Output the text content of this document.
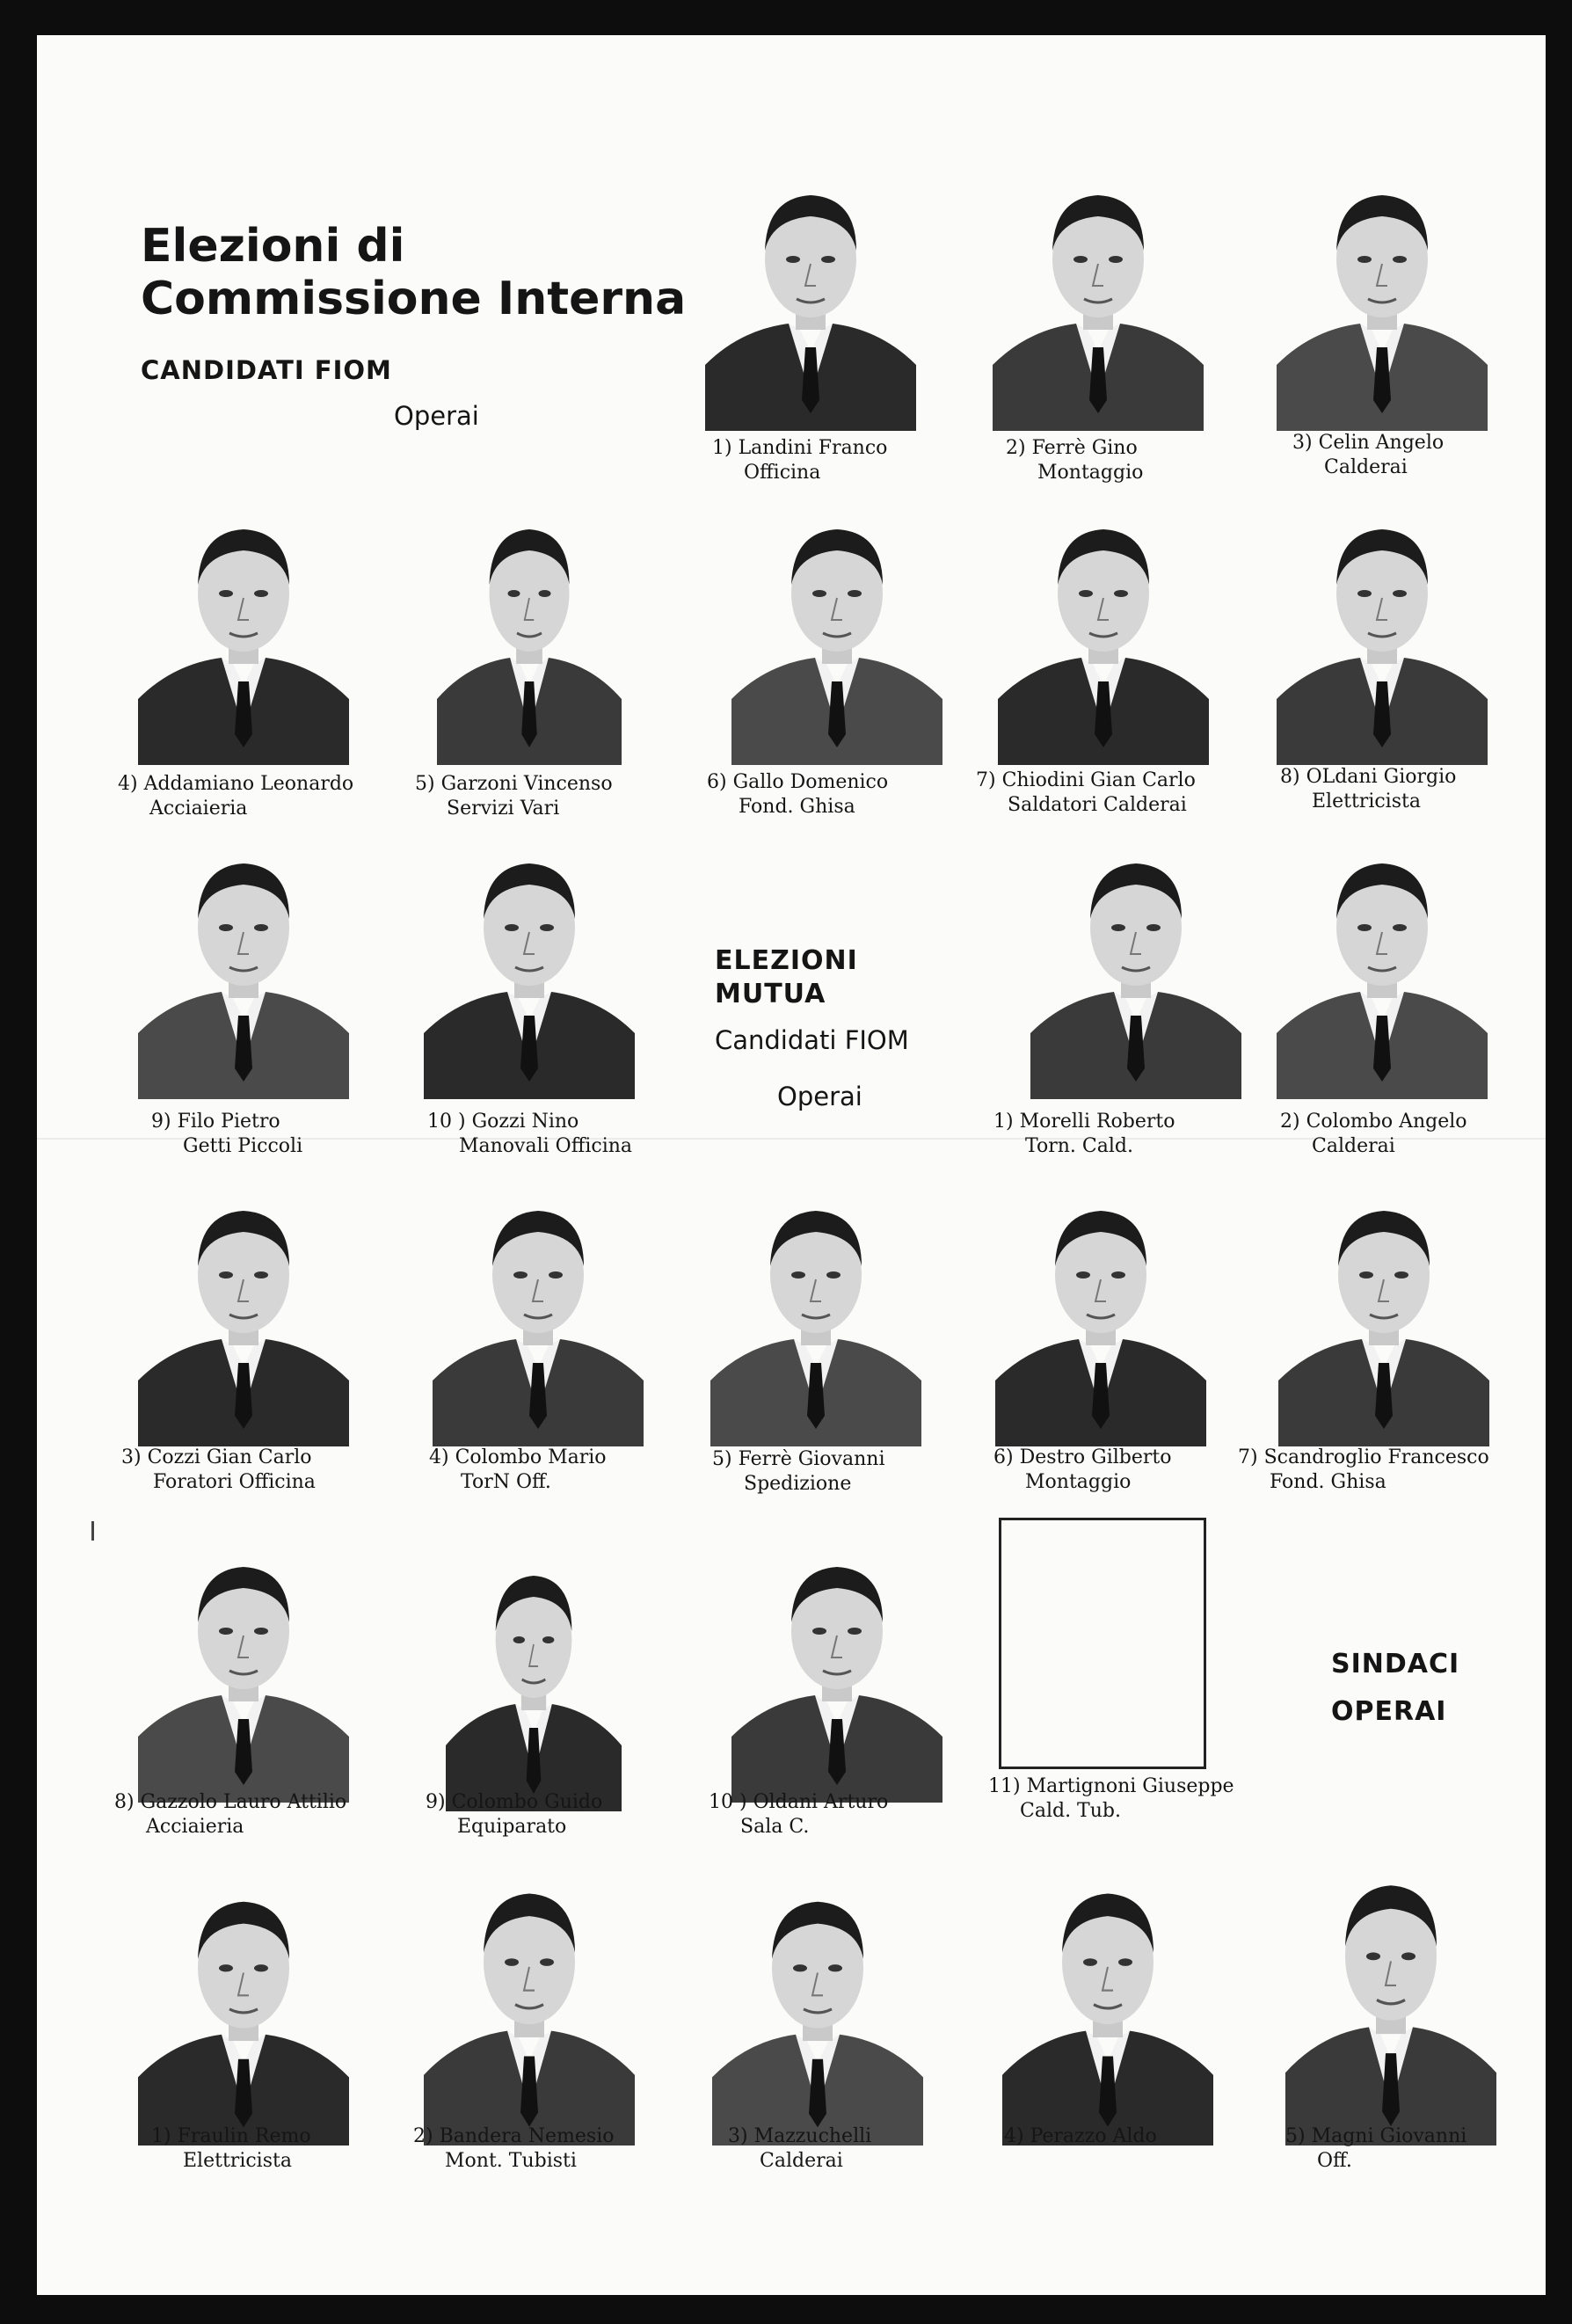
Elezioni di
Commissione Interna
CANDIDATI FIOM
Operai
ELEZIONI
MUTUA
Candidati FIOM
Operai
SINDACI
OPERAI
1) Landini Franco
Officina
2) Ferrè Gino
Montaggio
3) Celin Angelo
Calderai
4) Addamiano Leonardo
Acciaieria
5) Garzoni Vincenso
Servizi Vari
6) Gallo Domenico
Fond. Ghisa
7) Chiodini Gian Carlo
Saldatori Calderai
8) OLdani Giorgio
Elettricista
9) Filo Pietro
Getti Piccoli
10 ) Gozzi Nino
Manovali Officina
1) Morelli Roberto
Torn. Cald.
2) Colombo Angelo
Calderai
3) Cozzi Gian Carlo
Foratori Officina
4) Colombo Mario
TorN Off.
5) Ferrè Giovanni
Spedizione
6) Destro Gilberto
Montaggio
7) Scandroglio Francesco
Fond. Ghisa
8) Gazzolo Lauro Attilio
Acciaieria
9) Colombo Guido
Equiparato
10 ) Oldani Arturo
Sala C.
11) Martignoni Giuseppe
Cald. Tub.
1) Fraulin Remo
Elettricista
2) Bandera Nemesio
Mont. Tubisti
3) Mazzuchelli
Calderai
4) Perazzo Aldo	5) Magni Giovanni
Off.
